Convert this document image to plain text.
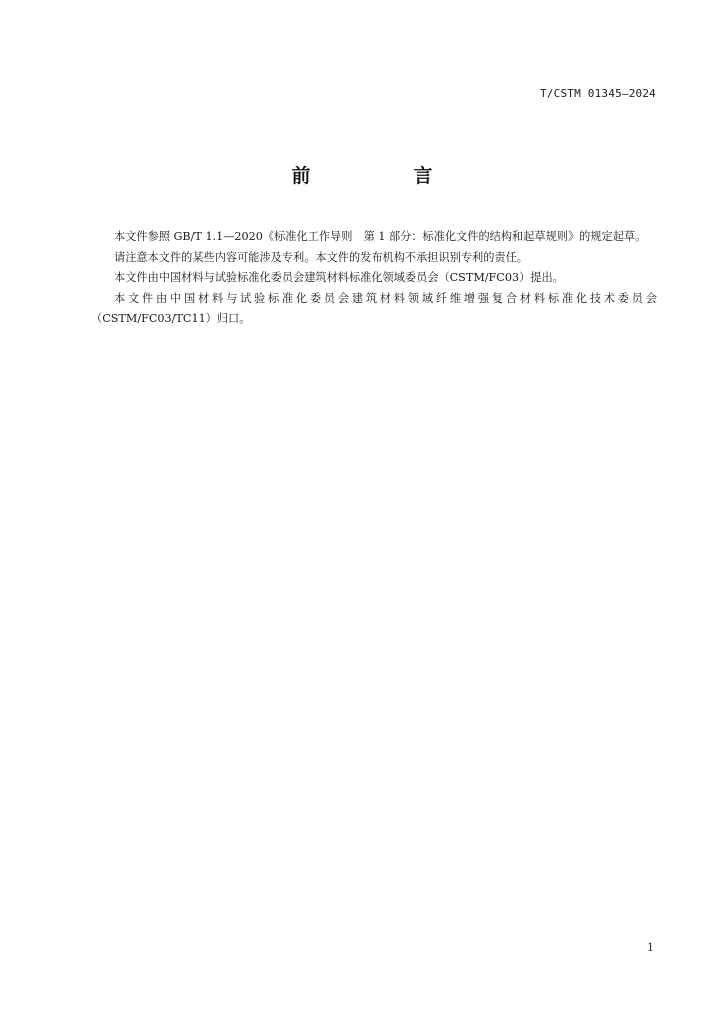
T/CSTM 01345—2024
前　言

本文件参照 GB/T 1.1—2020《标准化工作导则　第 1 部分：标准化文件的结构和起草规则》的规定起草。

请注意本文件的某些内容可能涉及专利。本文件的发布机构不承担识别专利的责任。

本文件由中国材料与试验标准化委员会建筑材料标准化领域委员会（CSTM/FC03）提出。

本文件由中国材料与试验标准化委员会建筑材料领域纤维增强复合材料标准化技术委员会

（CSTM/FC03/TC11）归口。

1
